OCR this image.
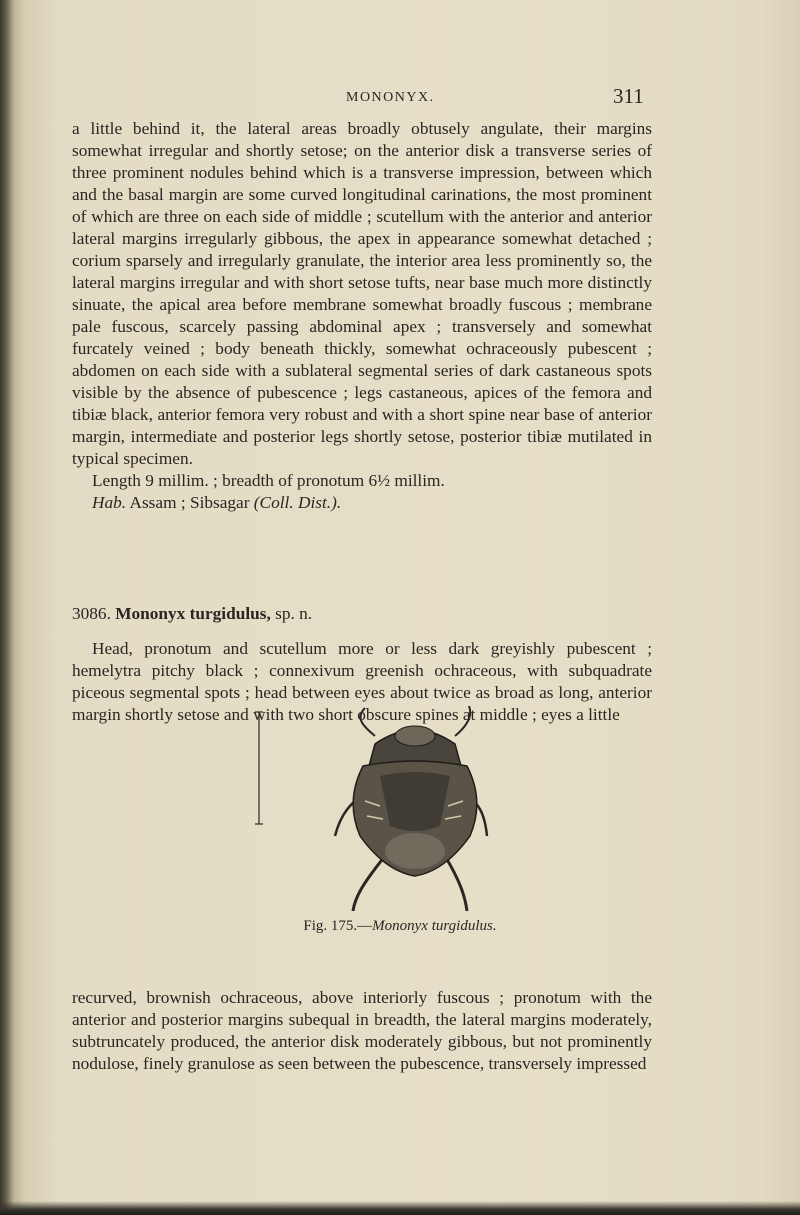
MONONYX.	311

a little behind it, the lateral areas broadly obtusely angulate, their margins somewhat irregular and shortly setose; on the anterior disk a transverse series of three prominent nodules behind which is a transverse impression, between which and the basal margin are some curved longitudinal carinations, the most prominent of which are three on each side of middle ; scutellum with the anterior and anterior lateral margins irregularly gibbous, the apex in appearance somewhat detached ; corium sparsely and irregularly granulate, the interior area less prominently so, the lateral margins irregular and with short setose tufts, near base much more distinctly sinuate, the apical area before membrane somewhat broadly fuscous ; membrane pale fuscous, scarcely passing abdominal apex ; transversely and somewhat furcately veined ; body beneath thickly, somewhat ochraceously pubescent ; abdomen on each side with a sublateral segmental series of dark castaneous spots visible by the absence of pubescence ; legs castaneous, apices of the femora and tibiæ black, anterior femora very robust and with a short spine near base of anterior margin, intermediate and posterior legs shortly setose, posterior tibiæ mutilated in typical specimen.
Length 9 millim. ; breadth of pronotum 6½ millim.
Hab. Assam ; Sibsagar (Coll. Dist.).

3086. Mononyx turgidulus, sp. n.

Head, pronotum and scutellum more or less dark greyishly pubescent ; hemelytra pitchy black ; connexivum greenish ochraceous, with subquadrate piceous segmental spots ; head between eyes about twice as broad as long, anterior margin shortly setose and with two short obscure spines at middle ; eyes a little

Fig. 175.—Mononyx turgidulus.

recurved, brownish ochraceous, above interiorly fuscous ; pronotum with the anterior and posterior margins subequal in breadth, the lateral margins moderately, subtruncately produced, the anterior disk moderately gibbous, but not prominently nodulose, finely granulose as seen between the pubescence, transversely impressed
